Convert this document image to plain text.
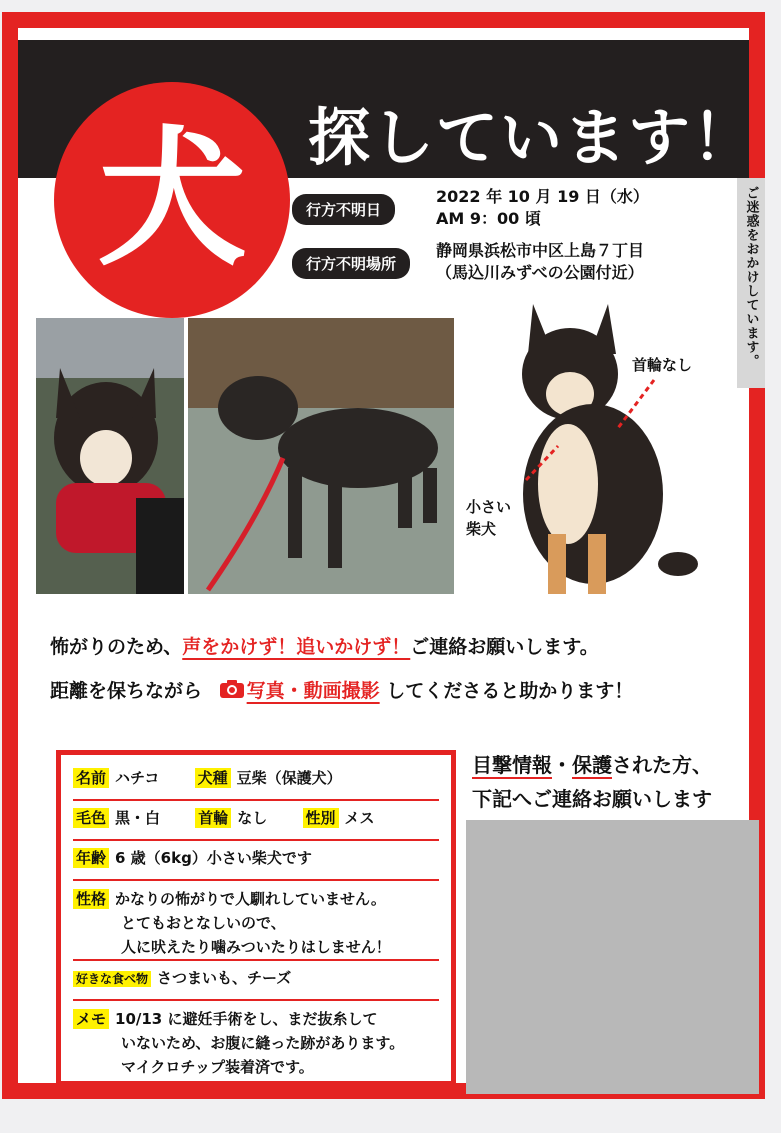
探しています！
犬	行方不明日
2022 年 10 月 19 日（水）
AM 9：00 頃
行方不明場所
静岡県浜松市中区上島７丁目
（馬込川みずべの公園付近）	ご迷惑をおかけしています。
首輪なし
小さい
柴犬
怖がりのため、声をかけず！追いかけず！ご連絡お願いします。
距離を保ちながら 写真・動画撮影 してくださると助かります！
名前 ハチコ	犬種 豆柴（保護犬）
毛色 黒・白	首輪 なし	性別 メス
年齢 6 歳（6kg）小さい柴犬です
性格 かなりの怖がりで人馴れしていません。
とてもおとなしいので、
人に吠えたり噛みついたりはしません！
好きな食べ物 さつまいも、チーズ
メモ 10/13 に避妊手術をし、まだ抜糸して
いないため、お腹に縫った跡があります。
マイクロチップ装着済です。
目撃情報・保護された方、
下記へご連絡お願いします
